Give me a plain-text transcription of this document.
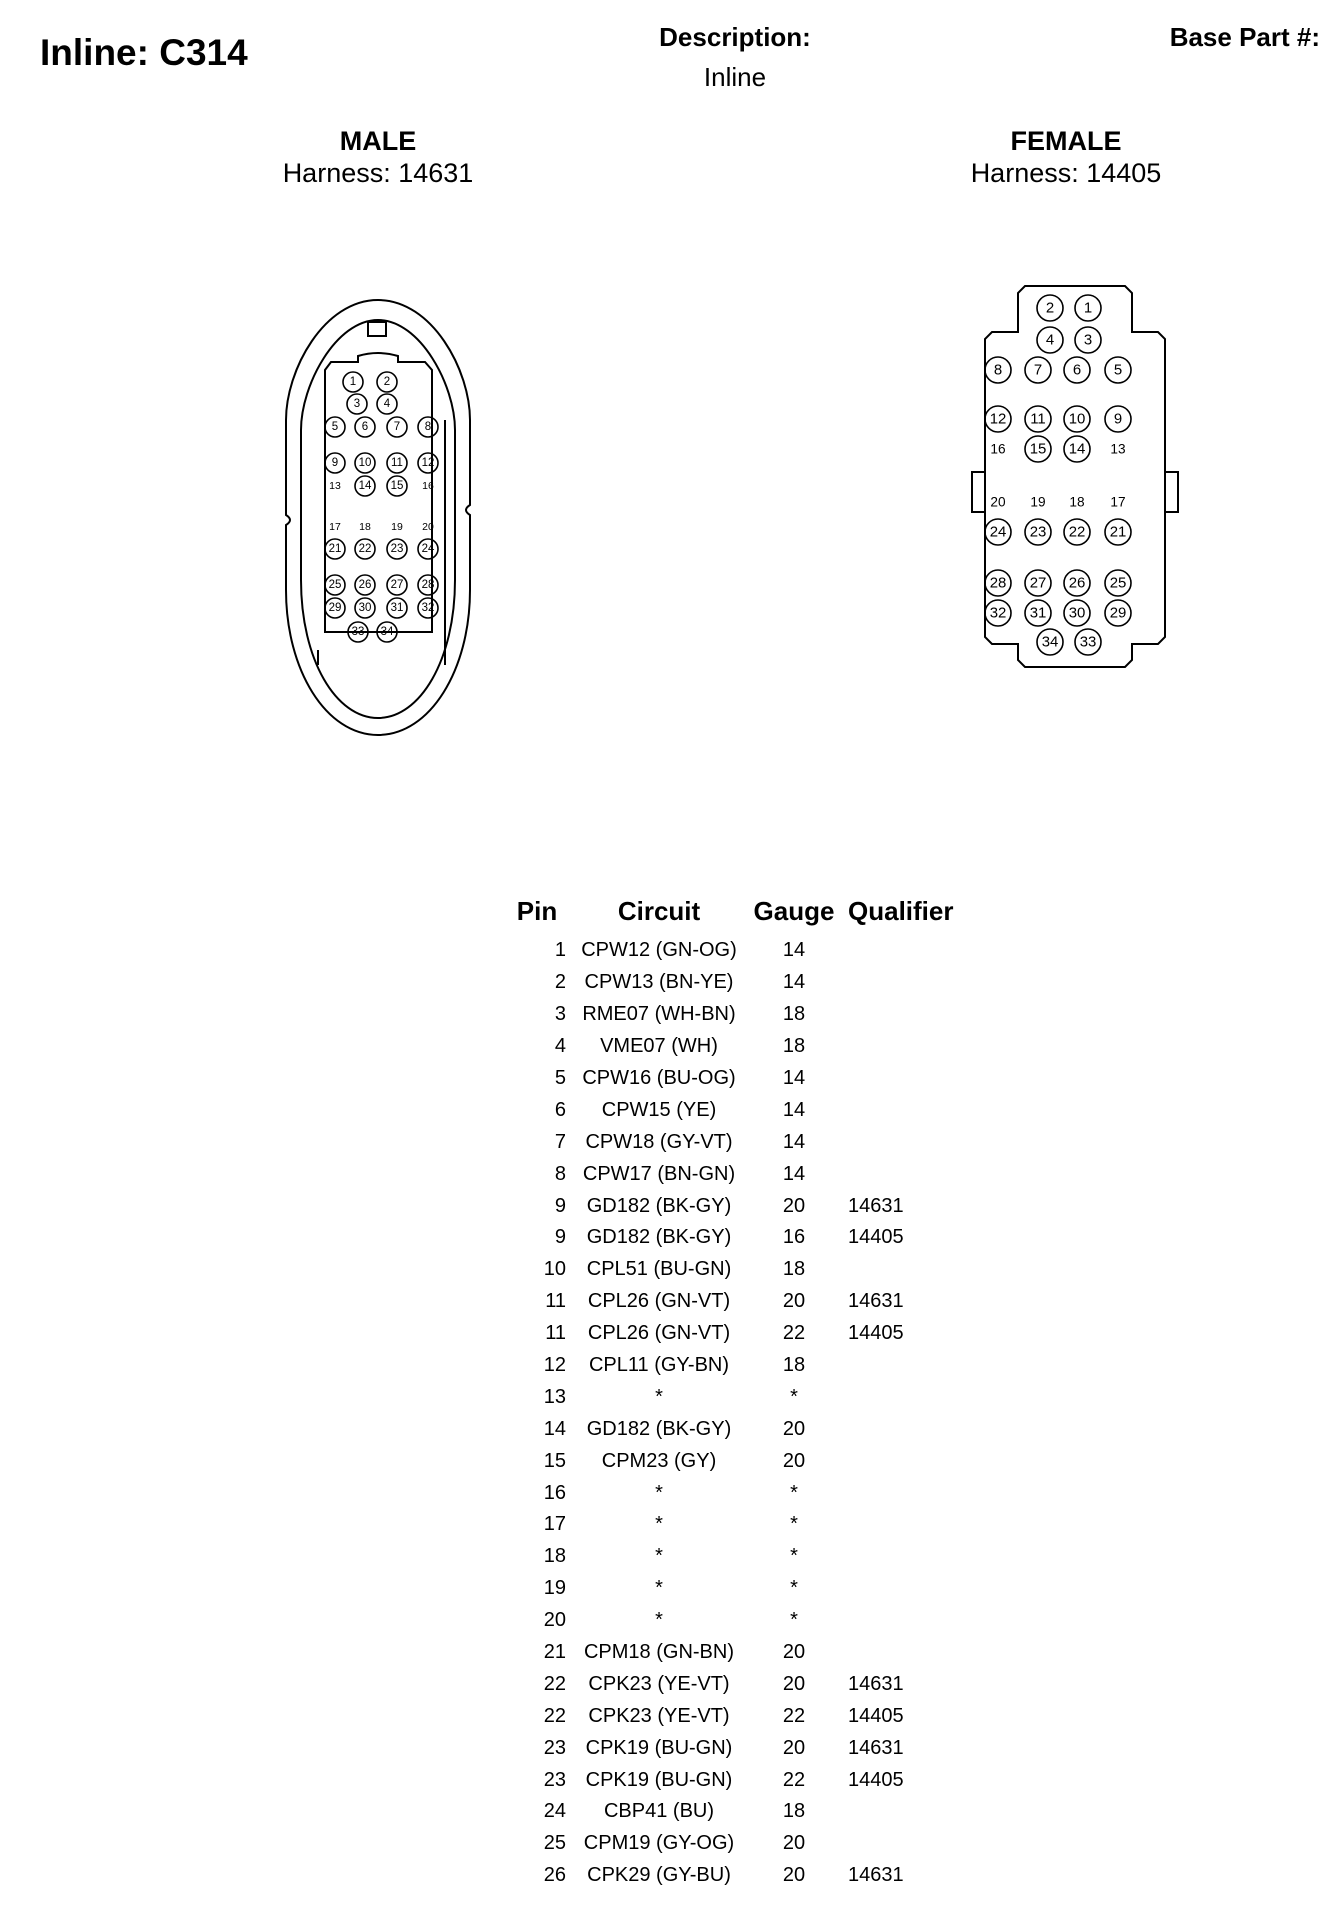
Inline: C314	Description:
Inline
Base Part #:
MALE
Harness: 14631
FEMALE
Harness: 14405
1 2
3 4
5 6 7 8
9 10 11 12
13 14 15 16
17 18 19 20
21 22 23 24
25 26 27 28
29 30 31 32
33 34
2 1
4 3
8 7 6 5
12 11 10 9
16 15 14 13
20 19 18 17
24 23 22 21
28 27 26 25
32 31 30 29
34 33
Pin	Circuit	Gauge	Qualifier
1	CPW12 (GN-OG)	14	
2	CPW13 (BN-YE)	14	
3	RME07 (WH-BN)	18	
4	VME07 (WH)	18	
5	CPW16 (BU-OG)	14	
6	CPW15 (YE)	14	
7	CPW18 (GY-VT)	14	
8	CPW17 (BN-GN)	14	
9	GD182 (BK-GY)	20	14631
9	GD182 (BK-GY)	16	14405
10	CPL51 (BU-GN)	18	
11	CPL26 (GN-VT)	20	14631
11	CPL26 (GN-VT)	22	14405
12	CPL11 (GY-BN)	18	
13	*	*	
14	GD182 (BK-GY)	20	
15	CPM23 (GY)	20	
16	*	*	
17	*	*	
18	*	*	
19	*	*	
20	*	*	
21	CPM18 (GN-BN)	20	
22	CPK23 (YE-VT)	20	14631
22	CPK23 (YE-VT)	22	14405
23	CPK19 (BU-GN)	20	14631
23	CPK19 (BU-GN)	22	14405
24	CBP41 (BU)	18	
25	CPM19 (GY-OG)	20	
26	CPK29 (GY-BU)	20	14631
